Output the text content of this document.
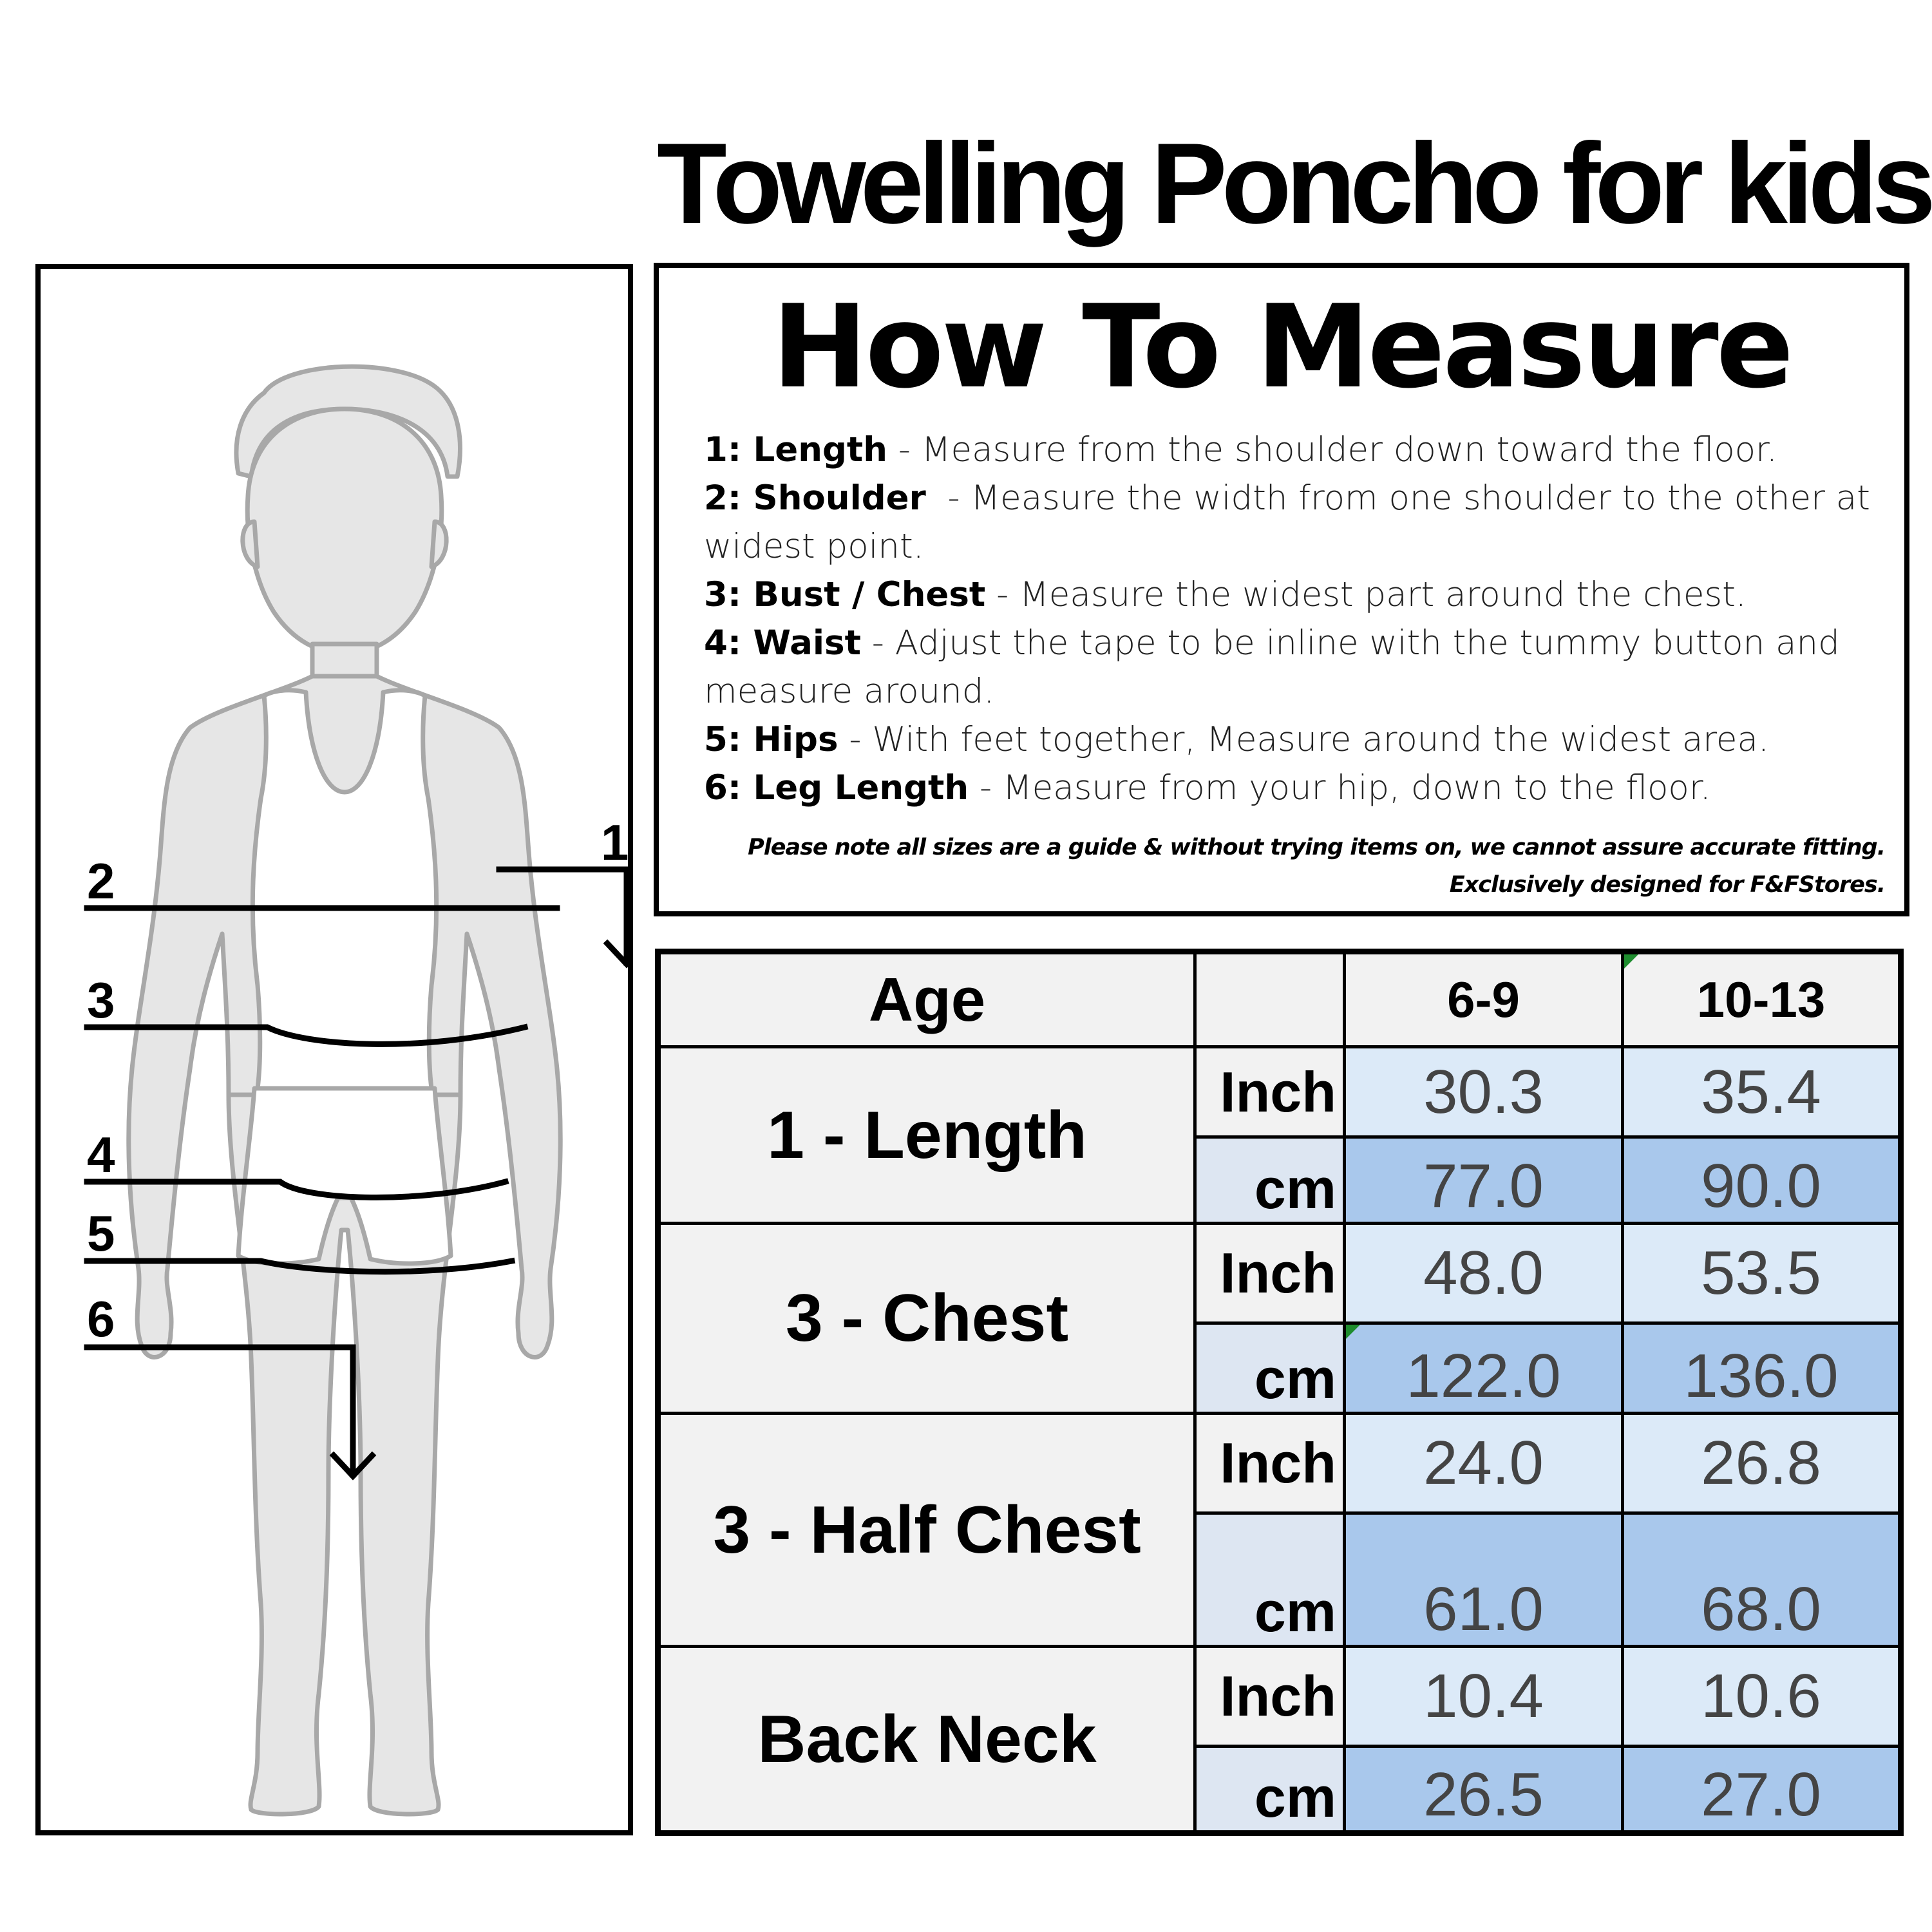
Towelling Poncho for kids
1
2
3
4
5
6
How To Measure
1: Length - Measure from the shoulder down toward the floor.
2: Shoulder  - Measure the width from one shoulder to the other at widest point.
3: Bust / Chest - Measure the widest part around the chest.
4: Waist - Adjust the tape to be inline with the tummy button and measure around.
5: Hips - With feet together, Measure around the widest area.
6: Leg Length - Measure from your hip, down to the floor.
Please note all sizes are a guide & without trying items on, we cannot assure accurate fitting.
Exclusively designed for F&FStores.
Age		6-9	10-13
1 - Length	Inch	30.3	35.4
	cm	77.0	90.0
3 - Chest	Inch	48.0	53.5
	cm	122.0	136.0
3 - Half Chest	Inch	24.0	26.8
	cm	61.0	68.0
Back Neck	Inch	10.4	10.6
	cm	26.5	27.0
